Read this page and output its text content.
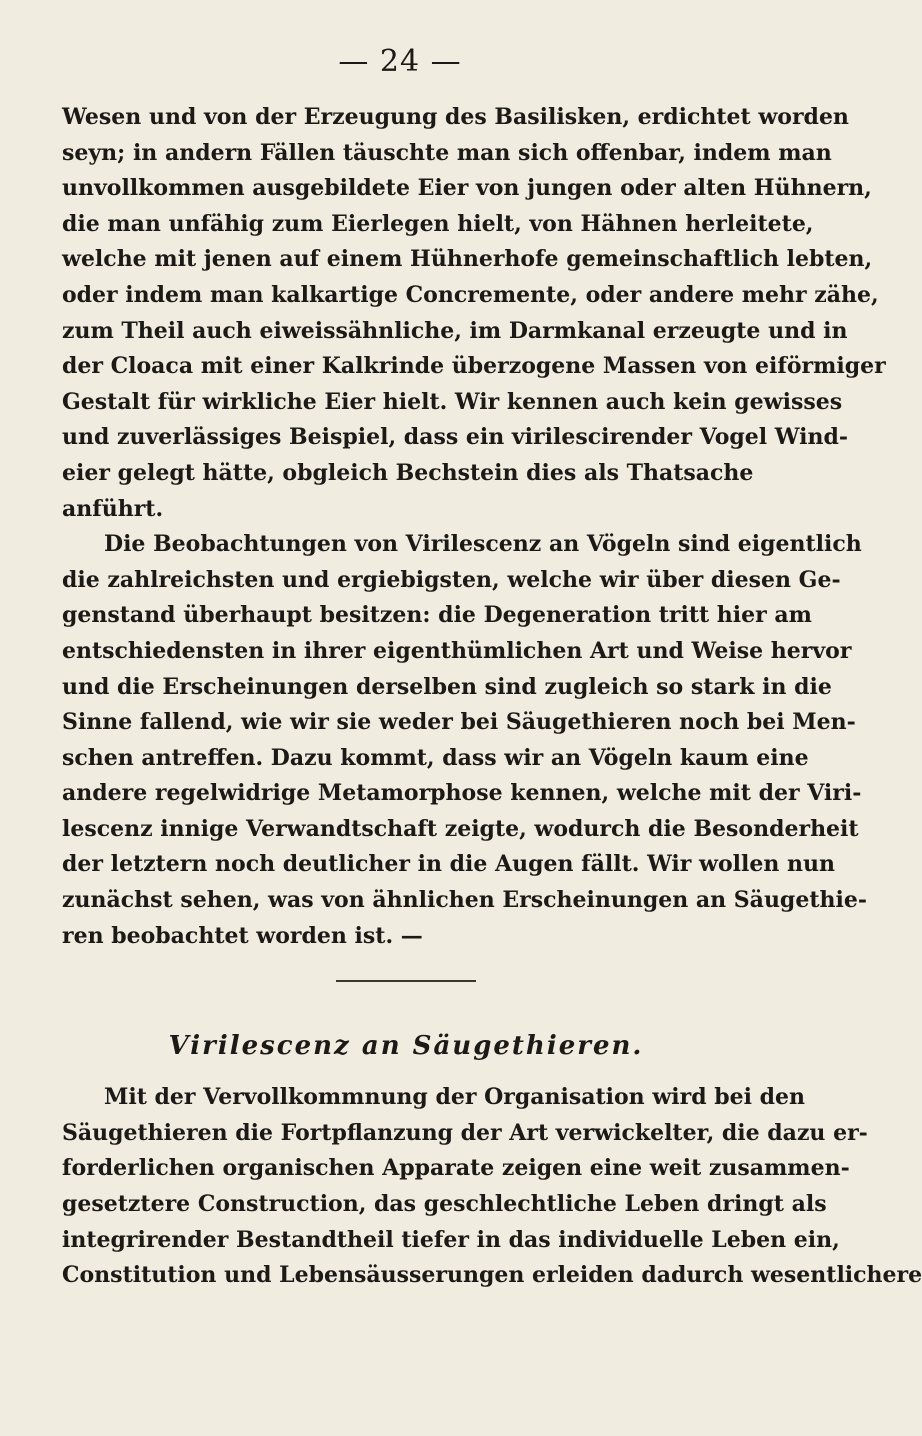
— 24 —
Wesen und von der Erzeugung des Basilisken, erdichtet worden
seyn; in andern Fällen täuschte man sich offenbar, indem man
unvollkommen ausgebildete Eier von jungen oder alten Hühnern,
die man unfähig zum Eierlegen hielt, von Hähnen herleitete,
welche mit jenen auf einem Hühnerhofe gemeinschaftlich lebten,
oder indem man kalkartige Concremente, oder andere mehr zähe,
zum Theil auch eiweissähnliche, im Darmkanal erzeugte und in
der Cloaca mit einer Kalkrinde überzogene Massen von eiförmiger
Gestalt für wirkliche Eier hielt. Wir kennen auch kein gewisses
und zuverlässiges Beispiel, dass ein virilescirender Vogel Wind-
eier gelegt hätte, obgleich Bechstein dies als Thatsache
anführt.
Die Beobachtungen von Virilescenz an Vögeln sind eigentlich
die zahlreichsten und ergiebigsten, welche wir über diesen Ge-
genstand überhaupt besitzen: die Degeneration tritt hier am
entschiedensten in ihrer eigenthümlichen Art und Weise hervor
und die Erscheinungen derselben sind zugleich so stark in die
Sinne fallend, wie wir sie weder bei Säugethieren noch bei Men-
schen antreffen. Dazu kommt, dass wir an Vögeln kaum eine
andere regelwidrige Metamorphose kennen, welche mit der Viri-
lescenz innige Verwandtschaft zeigte, wodurch die Besonderheit
der letztern noch deutlicher in die Augen fällt. Wir wollen nun
zunächst sehen, was von ähnlichen Erscheinungen an Säugethie-
ren beobachtet worden ist. —
Virilescenz an Säugethieren.
Mit der Vervollkommnung der Organisation wird bei den
Säugethieren die Fortpflanzung der Art verwickelter, die dazu er-
forderlichen organischen Apparate zeigen eine weit zusammen-
gesetztere Construction, das geschlechtliche Leben dringt als
integrirender Bestandtheil tiefer in das individuelle Leben ein,
Constitution und Lebensäusserungen erleiden dadurch wesentlichere
